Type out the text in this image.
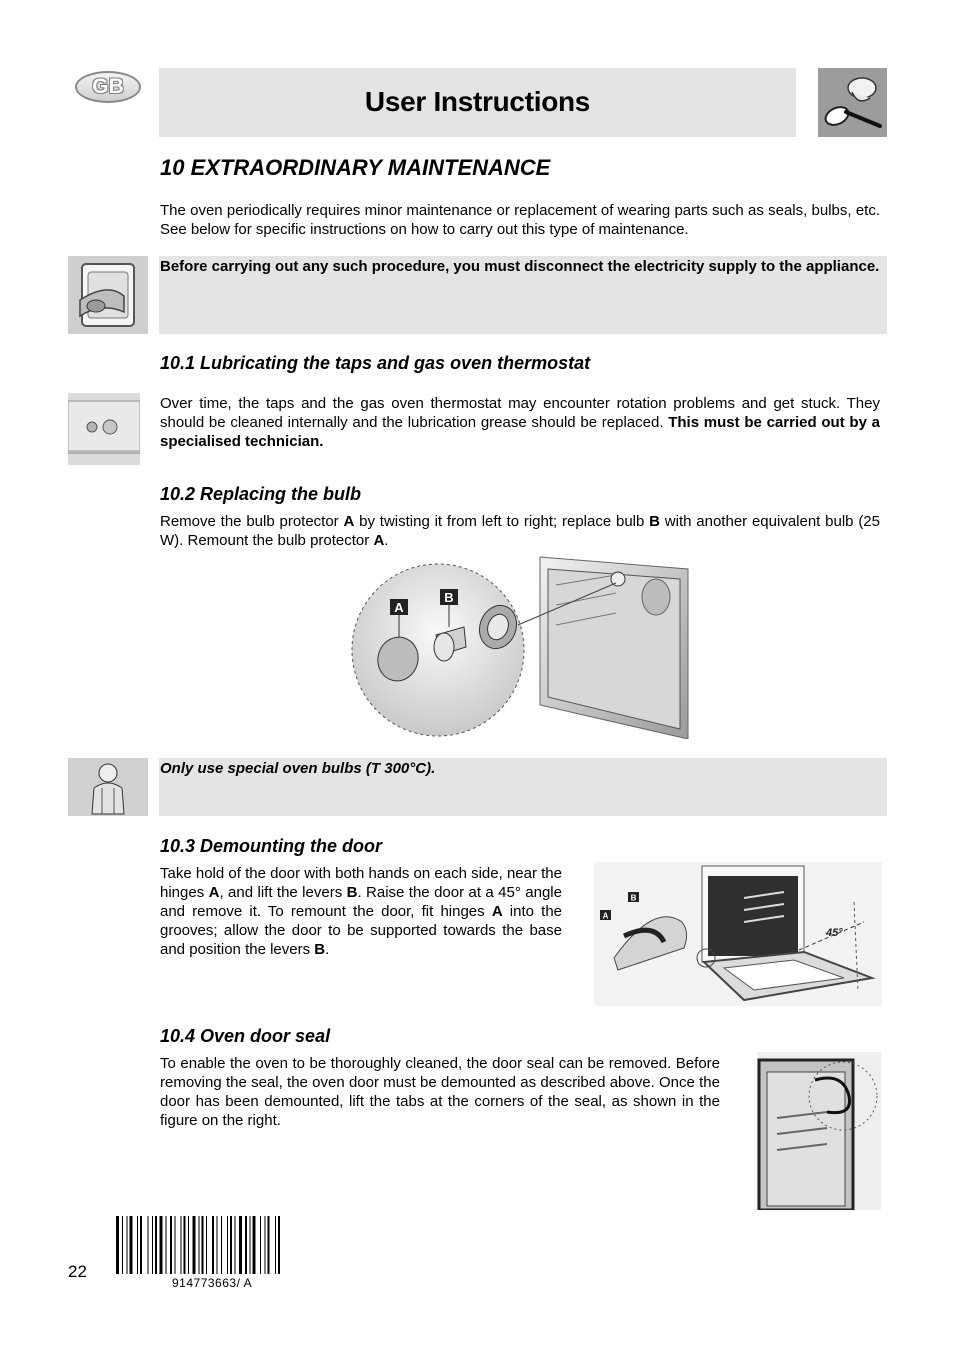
GB	User Instructions
10 EXTRAORDINARY MAINTENANCE
The oven periodically requires minor maintenance or replacement of wearing parts such as seals, bulbs, etc. See below for specific instructions on how to carry out this type of maintenance.
Before carrying out any such procedure, you must disconnect the electricity supply to the appliance.
10.1 Lubricating the taps and gas oven thermostat
Over time, the taps and the gas oven thermostat may encounter rotation problems and get stuck. They should be cleaned internally and the lubrication grease should be replaced. This must be carried out by a specialised technician.
10.2 Replacing the bulb
Remove the bulb protector A by twisting it from left to right; replace bulb B with another equivalent bulb (25 W). Remount the bulb protector A.
A
B
Only use special oven bulbs (T 300°C).
10.3 Demounting the door
Take hold of the door with both hands on each side, near the hinges A, and lift the levers B. Raise the door at a 45° angle and remove it. To remount the door, fit hinges A into the grooves; allow the door to be supported towards the base and position the levers B.
45°
B
A
10.4 Oven door seal
To enable the oven to be thoroughly cleaned, the door seal can be removed. Before removing the seal, the oven door must be demounted as described above. Once the door has been demounted, lift the tabs at the corners of the seal, as shown in the figure on the right.
22
914773663/ A
